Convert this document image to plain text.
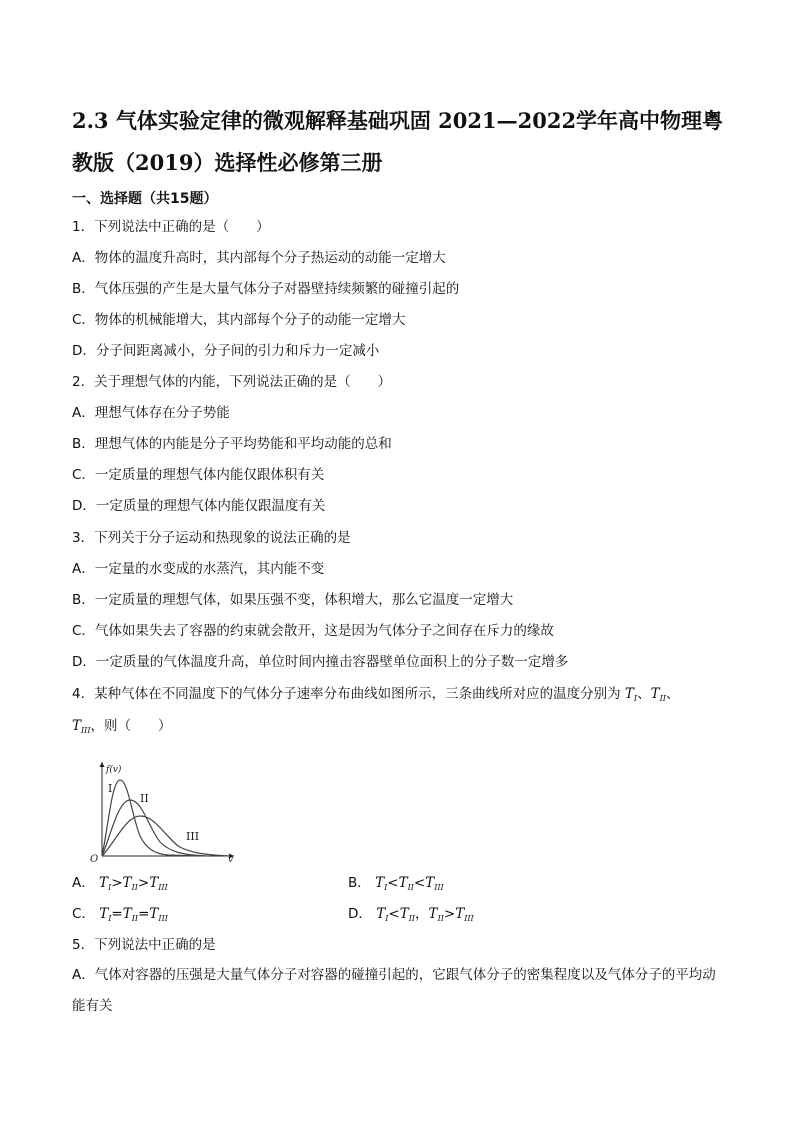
2.3 气体实验定律的微观解释基础巩固 2021—2022学年高中物理粤教版（2019）选择性必修第三册
一、选择题（共15题）
1．下列说法中正确的是（　　）
A．物体的温度升高时，其内部每个分子热运动的动能一定增大
B．气体压强的产生是大量气体分子对器壁持续频繁的碰撞引起的
C．物体的机械能增大，其内部每个分子的动能一定增大
D．分子间距离减小，分子间的引力和斥力一定减小
2．关于理想气体的内能，下列说法正确的是（　　）
A．理想气体存在分子势能
B．理想气体的内能是分子平均势能和平均动能的总和
C．一定质量的理想气体内能仅跟体积有关
D．一定质量的理想气体内能仅跟温度有关
3．下列关于分子运动和热现象的说法正确的是
A．一定量的水变成的水蒸汽，其内能不变
B．一定质量的理想气体，如果压强不变，体积增大，那么它温度一定增大
C．气体如果失去了容器的约束就会散开，这是因为气体分子之间存在斥力的缘故
D．一定质量的气体温度升高，单位时间内撞击容器壁单位面积上的分子数一定增多
4．某种气体在不同温度下的气体分子速率分布曲线如图所示，三条曲线所对应的温度分别为 $T_I$、$T_{II}$、
$T_{III}$，则（　　）
f(v)
v
O
I
II
III
A． $T_I>T_{II}>T_{III}$	B． $T_I<T_{II}<T_{III}$
C． $T_I=T_{II}=T_{III}$	D． $T_I<T_{II}$，$T_{II}>T_{III}$
5．下列说法中正确的是
A．气体对容器的压强是大量气体分子对容器的碰撞引起的，它跟气体分子的密集程度以及气体分子的平均动能有关
